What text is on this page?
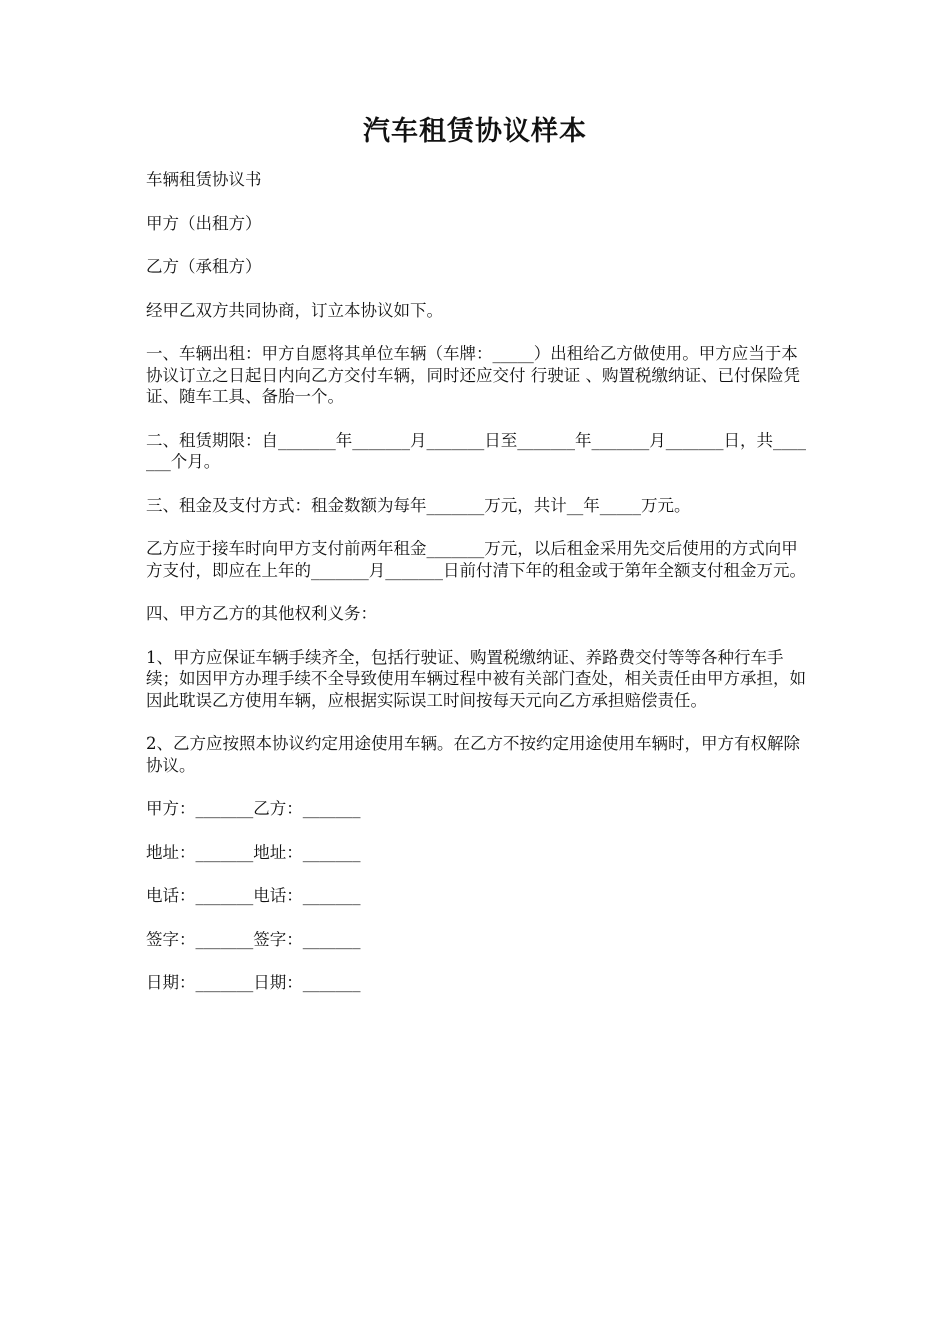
汽车租赁协议样本

车辆租赁协议书

甲方（出租方）

乙方（承租方）

经甲乙双方共同协商，订立本协议如下。

一、车辆出租：甲方自愿将其单位车辆（车牌：_____）出租给乙方做使用。甲方应当于本协议订立之日起日内向乙方交付车辆，同时还应交付 行驶证 、购置税缴纳证、已付保险凭证、随车工具、备胎一个。

二、租赁期限：自_______年_______月_______日至_______年_______月_______日，共_______个月。

三、租金及支付方式：租金数额为每年_______万元，共计__年_____万元。

乙方应于接车时向甲方支付前两年租金_______万元，以后租金采用先交后使用的方式向甲方支付，即应在上年的_______月_______日前付清下年的租金或于第年全额支付租金万元。

四、甲方乙方的其他权利义务：

1、甲方应保证车辆手续齐全，包括行驶证、购置税缴纳证、养路费交付等等各种行车手续；如因甲方办理手续不全导致使用车辆过程中被有关部门查处，相关责任由甲方承担，如因此耽误乙方使用车辆，应根据实际误工时间按每天元向乙方承担赔偿责任。

2、乙方应按照本协议约定用途使用车辆。在乙方不按约定用途使用车辆时，甲方有权解除协议。

甲方：_______乙方：_______

地址：_______地址：_______

电话：_______电话：_______

签字：_______签字：_______

日期：_______日期：_______
